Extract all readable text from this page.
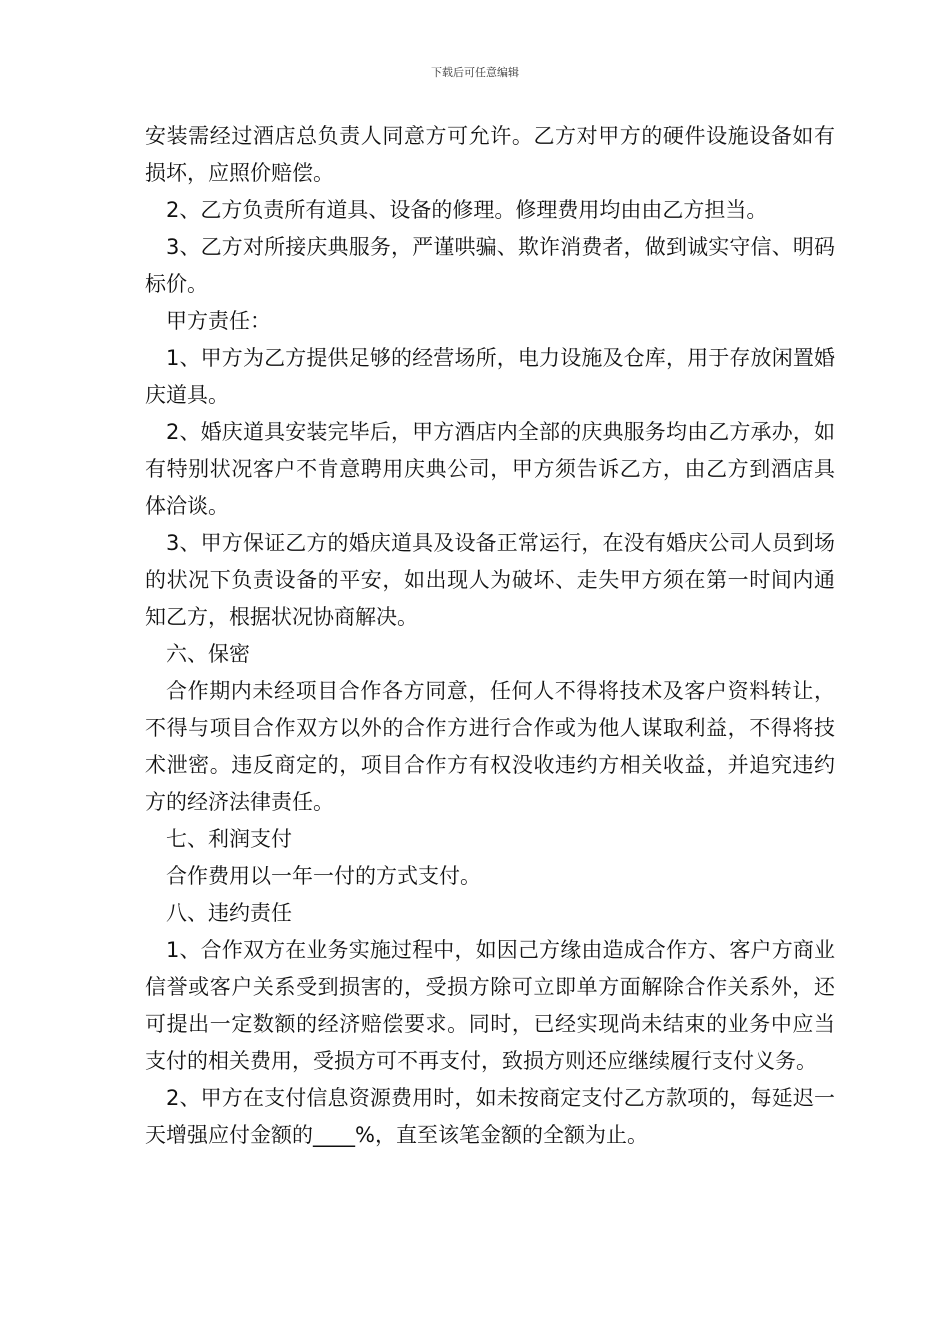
下载后可任意编辑

安装需经过酒店总负责人同意方可允许。乙方对甲方的硬件设施设备如有损坏，应照价赔偿。

2、乙方负责所有道具、设备的修理。修理费用均由由乙方担当。

3、乙方对所接庆典服务，严谨哄骗、欺诈消费者，做到诚实守信、明码标价。

甲方责任：

1、甲方为乙方提供足够的经营场所，电力设施及仓库，用于存放闲置婚庆道具。

2、婚庆道具安装完毕后，甲方酒店内全部的庆典服务均由乙方承办，如有特别状况客户不肯意聘用庆典公司，甲方须告诉乙方，由乙方到酒店具体洽谈。

3、甲方保证乙方的婚庆道具及设备正常运行，在没有婚庆公司人员到场的状况下负责设备的平安，如出现人为破坏、走失甲方须在第一时间内通知乙方，根据状况协商解决。

六、保密

合作期内未经项目合作各方同意，任何人不得将技术及客户资料转让，不得与项目合作双方以外的合作方进行合作或为他人谋取利益，不得将技术泄密。违反商定的，项目合作方有权没收违约方相关收益，并追究违约方的经济法律责任。

七、利润支付

合作费用以一年一付的方式支付。

八、违约责任

1、合作双方在业务实施过程中，如因己方缘由造成合作方、客户方商业信誉或客户关系受到损害的，受损方除可立即单方面解除合作关系外，还可提出一定数额的经济赔偿要求。同时，已经实现尚未结束的业务中应当支付的相关费用，受损方可不再支付，致损方则还应继续履行支付义务。

2、甲方在支付信息资源费用时，如未按商定支付乙方款项的，每延迟一天增强应付金额的____%，直至该笔金额的全额为止。
